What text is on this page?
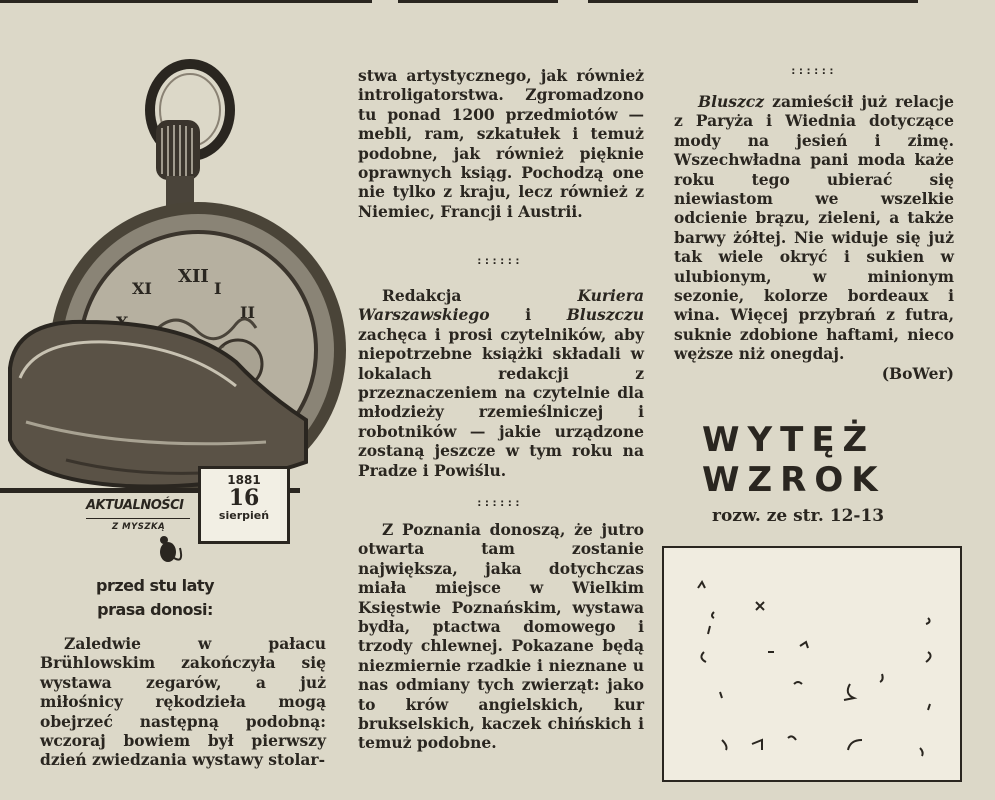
XII
I
II
XI
1881
16
sierpień
AKTUALNOŚCI
Z MYSZKĄ
przed stu laty
prasa donosi:

Zaledwie w pałacu Brühlowskim zakończyła się wystawa zegarów, a już miłośnicy rękodzieła mogą obejrzeć następną podobną: wczoraj bowiem był pierwszy dzień zwiedzania wystawy stolar-

stwa artystycznego, jak również introligatorstwa. Zgromadzono tu ponad 1200 przedmiotów — mebli, ram, szkatułek i temuż podobne, jak również pięknie oprawnych ksiąg. Pochodzą one nie tylko z kraju, lecz również z Niemiec, Francji i Austrii.

::::::

Redakcja Kuriera Warszawskiego i Bluszczu zachęca i prosi czytelników, aby niepotrzebne książki składali w lokalach redakcji z przeznaczeniem na czytelnie dla młodzieży rzemieślniczej i robotników — jakie urządzone zostaną jeszcze w tym roku na Pradze i Powiślu.

::::::

Z Poznania donoszą, że jutro otwarta tam zostanie największa, jaka dotychczas miała miejsce w Wielkim Księstwie Poznańskim, wystawa bydła, ptactwa domowego i trzody chlewnej. Pokazane będą niezmiernie rzadkie i nieznane u nas odmiany tych zwierząt: jako to krów angielskich, kur brukselskich, kaczek chińskich i temuż podobne.

::::::

Bluszcz zamieścił już relacje z Paryża i Wiednia dotyczące mody na jesień i zimę. Wszechwładna pani moda każe roku tego ubierać się niewiastom we wszelkie odcienie brązu, zieleni, a także barwy żółtej. Nie widuje się już tak wiele okryć i sukien w ulubionym, w minionym sezonie, kolorze bordeaux i wina. Więcej przybrań z futra, suknie zdobione haftami, nieco węższe niż onegdaj.

(BoWer)

WYTĘŻ
WZROK
rozw. ze str. 12-13
